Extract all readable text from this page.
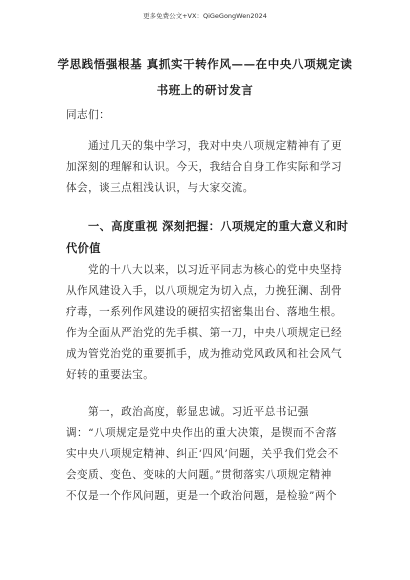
更多免费公文+VX：QiGeGongWen2024
学思践悟强根基 真抓实干转作风——在中央八项规定读
书班上的研讨发言
同志们：
通过几天的集中学习，我对中央八项规定精神有了更
加深刻的理解和认识。今天，我结合自身工作实际和学习
体会，谈三点粗浅认识，与大家交流。
一、高度重视 深刻把握：八项规定的重大意义和时
代价值
党的十八大以来，以习近平同志为核心的党中央坚持
从作风建设入手，以八项规定为切入点，力挽狂澜、刮骨
疗毒，一系列作风建设的硬招实招密集出台、落地生根。
作为全面从严治党的先手棋、第一刀，中央八项规定已经
成为管党治党的重要抓手，成为推动党风政风和社会风气
好转的重要法宝。
第一，政治高度，彰显忠诚。习近平总书记强
调：“八项规定是党中央作出的重大决策，是锲而不舍落
实中央八项规定精神、纠正‘四风’问题，关乎我们党会不
会变质、变色、变味的大问题。”贯彻落实八项规定精神
不仅是一个作风问题，更是一个政治问题，是检验”两个
